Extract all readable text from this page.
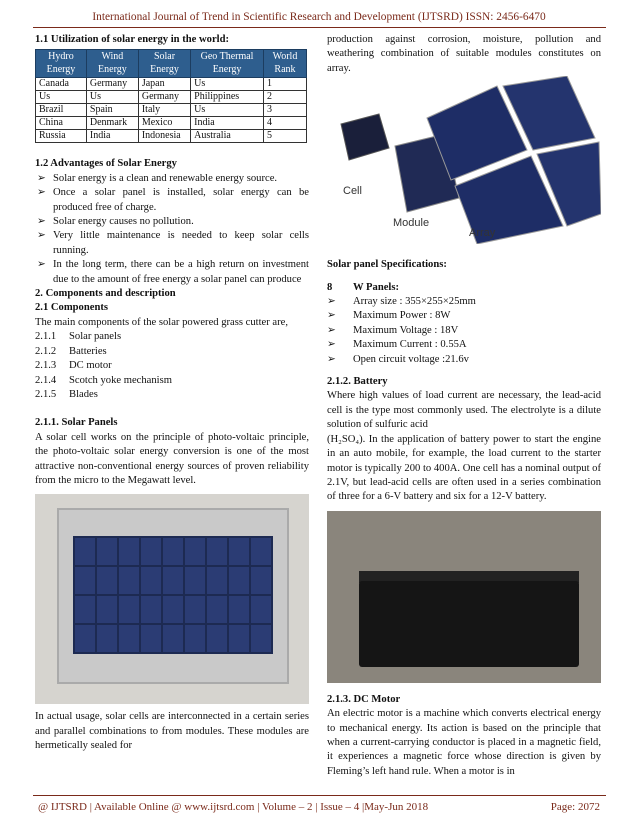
International Journal of Trend in Scientific Research and Development (IJTSRD) ISSN: 2456-6470
1.1 Utilization of solar energy in the world:
Hydro Energy	Wind Energy	Solar Energy	Geo Thermal Energy	World Rank
Canada	Germany	Japan	Us	1
Us	Us	Germany	Philippines	2
Brazil	Spain	Italy	Us	3
China	Denmark	Mexico	India	4
Russia	India	Indonesia	Australia	5
1.2 Advantages of Solar Energy
➢ Solar energy is a clean and renewable energy source.
➢ Once a solar panel is installed, solar energy can be produced free of charge.
➢ Solar energy causes no pollution.
➢ Very little maintenance is needed to keep solar cells running.
➢ In the long term, there can be a high return on investment due to the amount of free energy a solar panel can produce
2. Components and description
2.1 Components

The main components of the solar powered grass cutter are,

2.1.1	Solar panels
2.1.2	Batteries
2.1.3	DC motor
2.1.4	Scotch yoke mechanism
2.1.5	Blades
2.1.1. Solar Panels

A solar cell works on the principle of photo-voltaic principle, the photo-voltaic solar energy conversion is one of the most attractive non-conventional energy sources of proven reliability from the micro to the Megawatt level.

In actual usage, solar cells are interconnected in a certain series and parallel combinations to from modules. These modules are hermetically sealed for

production against corrosion, moisture, pollution and weathering combination of suitable modules constitutes on array.

Cell
Module
Array
Solar panel Specifications:
8	W Panels:
➢	Array size : 355×255×25mm
➢	Maximum Power : 8W
➢	Maximum Voltage : 18V
➢	Maximum Current : 0.55A
➢	Open circuit voltage :21.6v
2.1.2. Battery

Where high values of load current are necessary, the lead-acid cell is the type most commonly used. The electrolyte is a dilute solution of sulfuric acid

(H₂SO₄). In the application of battery power to start the engine in an auto mobile, for example, the load current to the starter motor is typically 200 to 400A. One cell has a nominal output of 2.1V, but lead-acid cells are often used in a series combination of three for a 6-V battery and six for a 12-V battery.

2.1.3. DC Motor

An electric motor is a machine which converts electrical energy to mechanical energy. Its action is based on the principle that when a current-carrying conductor is placed in a magnetic field, it experiences a magnetic force whose direction is given by Fleming’s left hand rule. When a motor is in

@ IJTSRD | Available Online @ www.ijtsrd.com | Volume – 2 | Issue – 4 |May-Jun 2018	Page: 2072
